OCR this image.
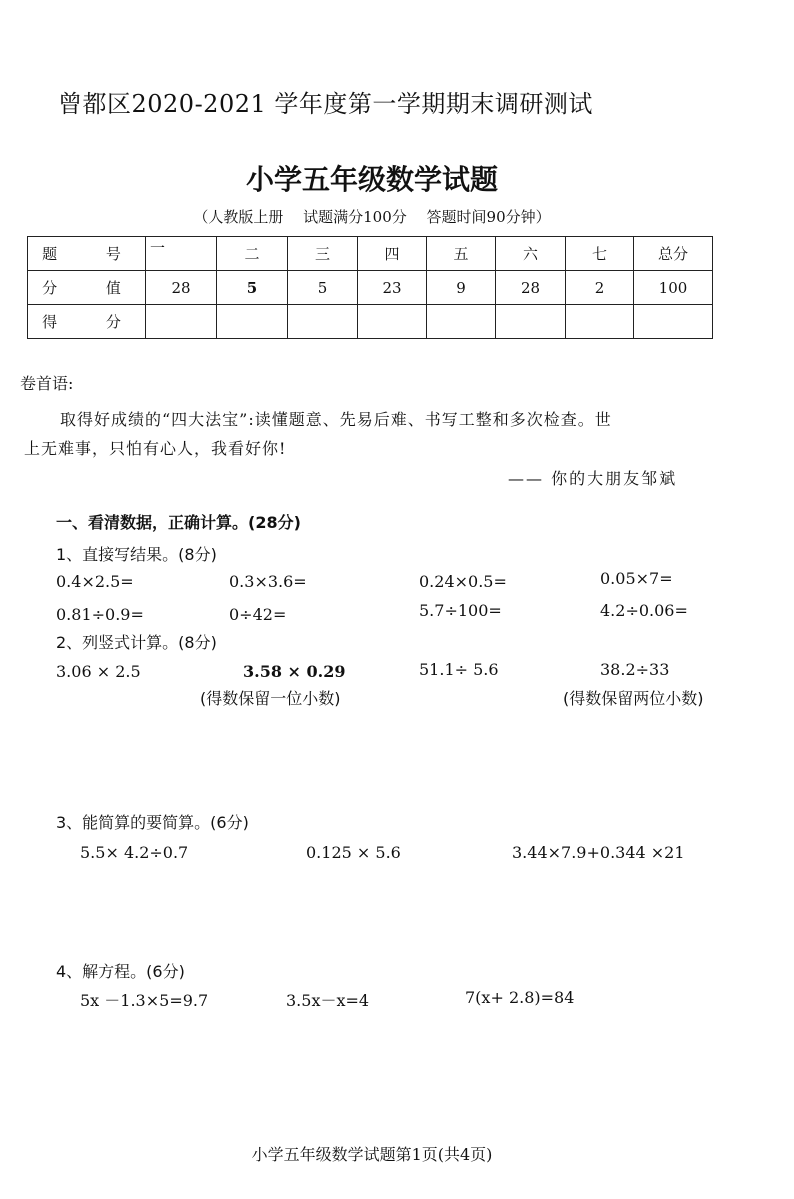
曾都区2020-2021 学年度第一学期期末调研测试
小学五年级数学试题
（人教版上册　 试题满分100分　 答题时间90分钟）
题 号	一	二	三	四	五	六	七	总分
分 值	28	5	5	23	9	28	2	100
得 分								
卷首语:
取得好成绩的“四大法宝”:读懂题意、先易后难、书写工整和多次检查。世
上无难事，只怕有心人，我看好你!
—— 你的大朋友邹斌
一、看清数据，正确计算。(28分)
1、直接写结果。(8分)
0.4×2.5=	0.3×3.6=	0.24×0.5=	0.05×7=
0.81÷0.9=	0÷42=	5.7÷100=	4.2÷0.06=
2、列竖式计算。(8分)
3.06 × 2.5	3.58 × 0.29	51.1÷ 5.6	38.2÷33
(得数保留一位小数)	(得数保留两位小数)
3、能简算的要简算。(6分)
5.5× 4.2÷0.7	0.125 × 5.6	3.44×7.9+0.344 ×21
4、解方程。(6分)
5x －1.3×5=9.7	3.5x－x=4	7(x+ 2.8)=84
小学五年级数学试题第1页(共4页)
